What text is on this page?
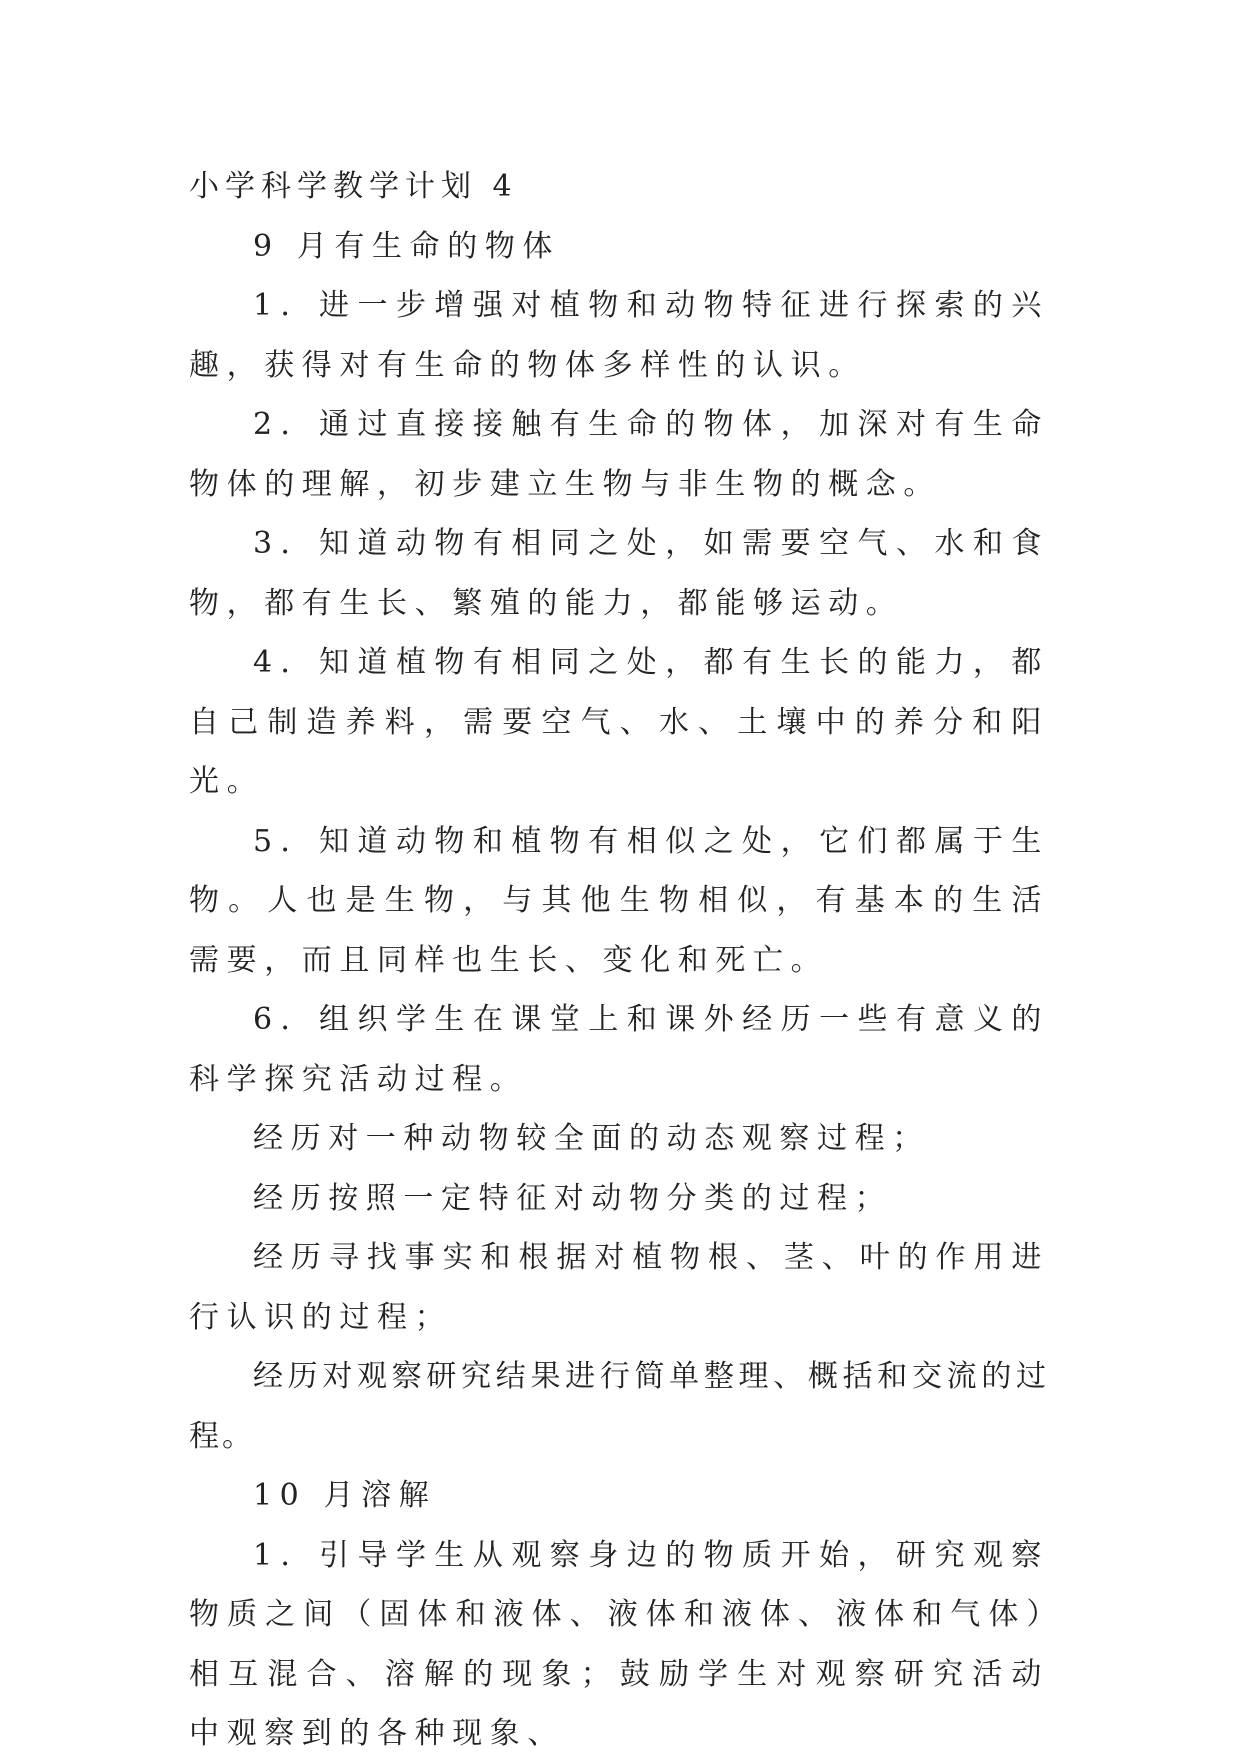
小学科学教学计划 4

9 月有生命的物体

1．进一步增强对植物和动物特征进行探索的兴趣，获得对有生命的物体多样性的认识。

2．通过直接接触有生命的物体，加深对有生命物体的理解，初步建立生物与非生物的概念。

3．知道动物有相同之处，如需要空气、水和食物，都有生长、繁殖的能力，都能够运动。

4．知道植物有相同之处，都有生长的能力，都自己制造养料，需要空气、水、土壤中的养分和阳光。

5．知道动物和植物有相似之处，它们都属于生物。人也是生物，与其他生物相似，有基本的生活需要，而且同样也生长、变化和死亡。

6．组织学生在课堂上和课外经历一些有意义的科学探究活动过程。

经历对一种动物较全面的动态观察过程；

经历按照一定特征对动物分类的过程；

经历寻找事实和根据对植物根、茎、叶的作用进行认识的过程；

经历对观察研究结果进行简单整理、概括和交流的过程。

10 月溶解

1．引导学生从观察身边的物质开始，研究观察物质之间（固体和液体、液体和液体、液体和气体）相互混合、溶解的现象；鼓励学生对观察研究活动中观察到的各种现象、
